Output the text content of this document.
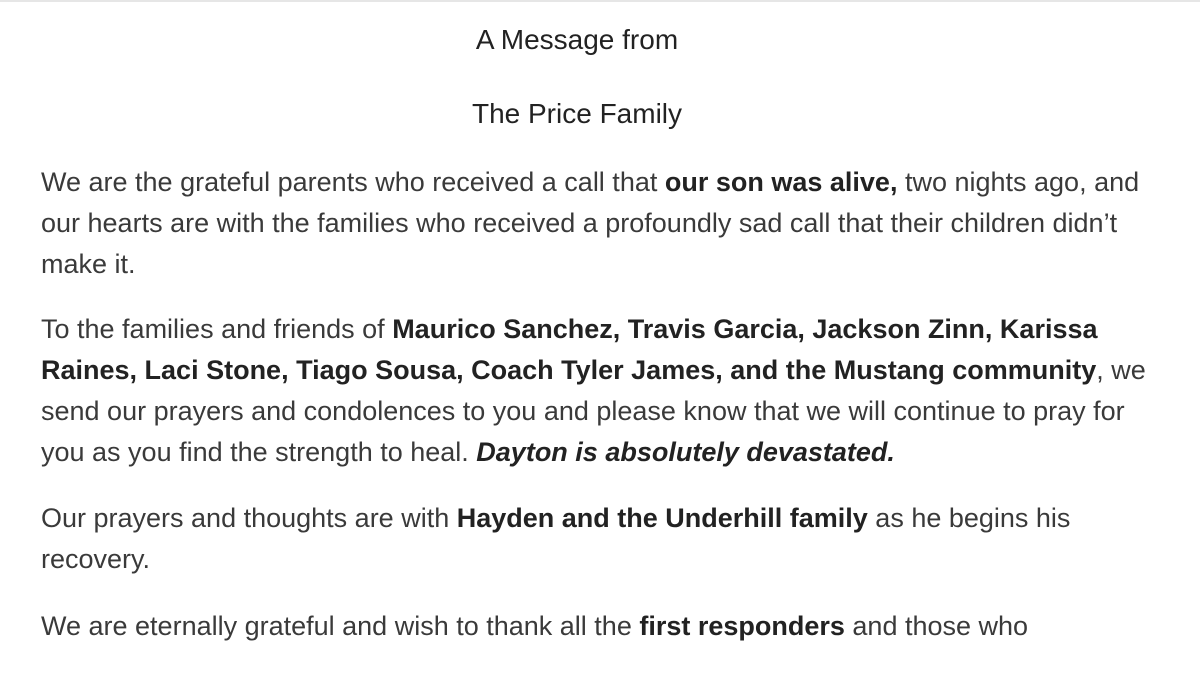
A Message from

The Price Family

We are the grateful parents who received a call that our son was alive, two nights ago, and our hearts are with the families who received a profoundly sad call that their children didn’t make it.

To the families and friends of Maurico Sanchez, Travis Garcia, Jackson Zinn, Karissa Raines, Laci Stone, Tiago Sousa, Coach Tyler James, and the Mustang community, we send our prayers and condolences to you and please know that we will continue to pray for you as you find the strength to heal. Dayton is absolutely devastated.

Our prayers and thoughts are with Hayden and the Underhill family as he begins his recovery.

We are eternally grateful and wish to thank all the first responders and those who
